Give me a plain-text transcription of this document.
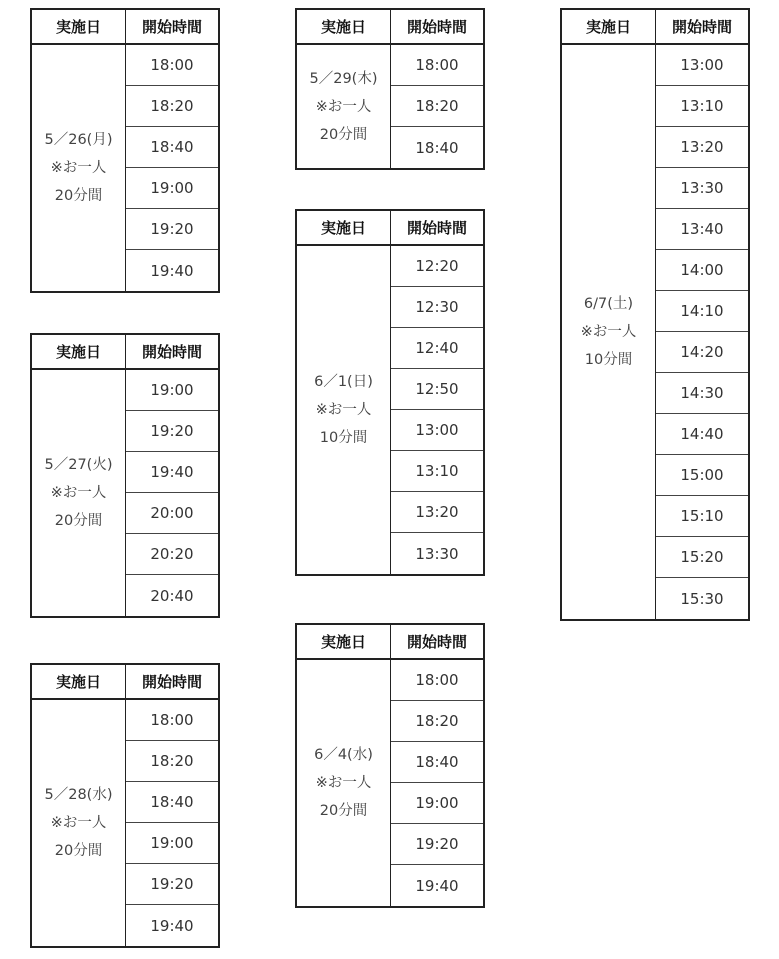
実施日	開始時間
5／26(月)
※お一人
20分間
18:00
18:20
18:40
19:00
19:20
19:40
実施日	開始時間
5／27(火)
※お一人
20分間
19:00
19:20
19:40
20:00
20:20
20:40
実施日	開始時間
5／28(水)
※お一人
20分間
18:00
18:20
18:40
19:00
19:20
19:40
実施日	開始時間
5／29(木)
※お一人
20分間
18:00
18:20
18:40
実施日	開始時間
6／1(日)
※お一人
10分間
12:20
12:30
12:40
12:50
13:00
13:10
13:20
13:30
実施日	開始時間
6／4(水)
※お一人
20分間
18:00
18:20
18:40
19:00
19:20
19:40
実施日	開始時間
6/7(土)
※お一人
10分間
13:00
13:10
13:20
13:30
13:40
14:00
14:10
14:20
14:30
14:40
15:00
15:10
15:20
15:30
